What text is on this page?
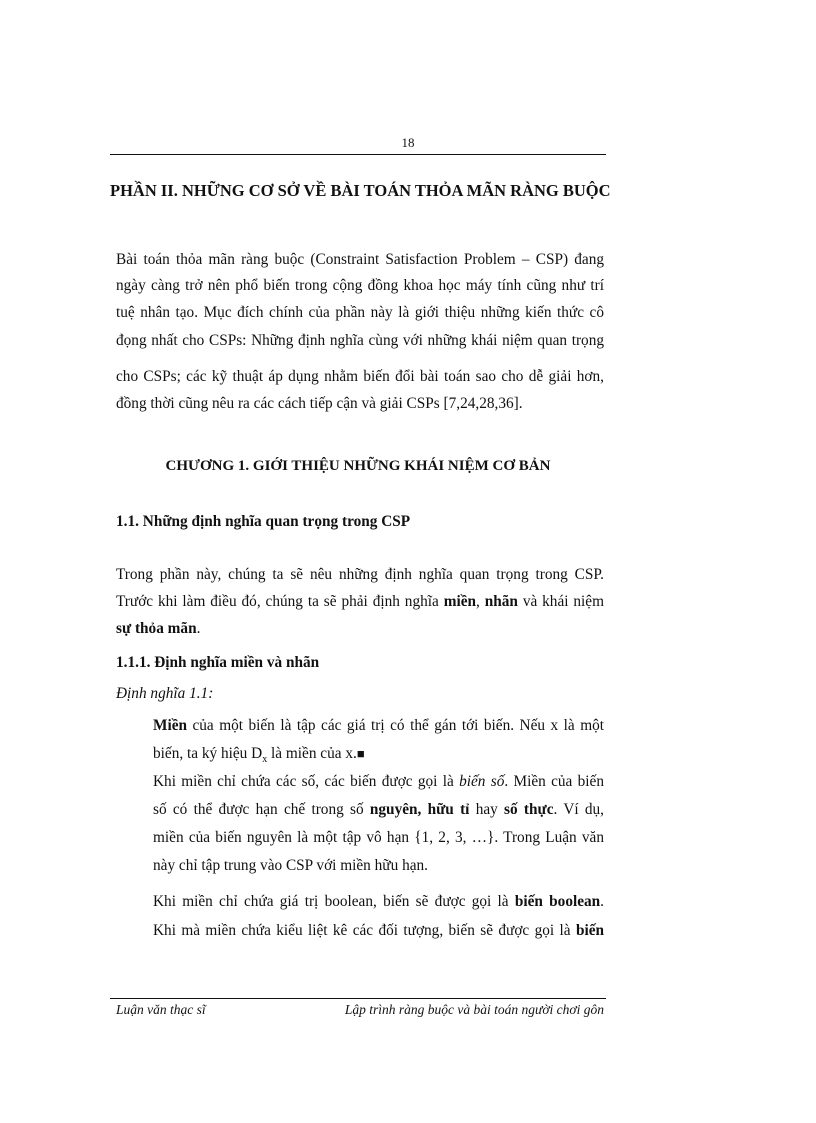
18
PHẦN II. NHỮNG CƠ SỞ VỀ BÀI TOÁN THỎA MÃN RÀNG BUỘC
Bài toán thỏa mãn ràng buộc (Constraint Satisfaction Problem – CSP) đang
ngày càng trở nên phổ biến trong cộng đồng khoa học máy tính cũng như trí
tuệ nhân tạo. Mục đích chính của phần này là giới thiệu những kiến thức cô
đọng nhất cho CSPs: Những định nghĩa cùng với những khái niệm quan trọng
cho CSPs; các kỹ thuật áp dụng nhằm biến đổi bài toán sao cho dễ giải hơn,
đồng thời cũng nêu ra các cách tiếp cận và giải CSPs [7,24,28,36].
CHƯƠNG 1. GIỚI THIỆU NHỮNG KHÁI NIỆM CƠ BẢN
1.1. Những định nghĩa quan trọng trong CSP
Trong phần này, chúng ta sẽ nêu những định nghĩa quan trọng trong CSP.
Trước khi làm điều đó, chúng ta sẽ phải định nghĩa miền, nhãn và khái niệm
sự thỏa mãn.
1.1.1. Định nghĩa miền và nhãn
Định nghĩa 1.1:
Miền của một biến là tập các giá trị có thể gán tới biến. Nếu x là một
biến, ta ký hiệu $D_x$ là miền của x.■
Khi miền chỉ chứa các số, các biến được gọi là biến số. Miền của biến
số có thể được hạn chế trong số nguyên, hữu tỉ hay số thực. Ví dụ,
miền của biến nguyên là một tập vô hạn {1, 2, 3, …}. Trong Luận văn
này chỉ tập trung vào CSP với miền hữu hạn.
Khi miền chỉ chứa giá trị boolean, biến sẽ được gọi là biến boolean.
Khi mà miền chứa kiểu liệt kê các đối tượng, biến sẽ được gọi là biến
Luận văn thạc sĩ	Lập trình ràng buộc và bài toán người chơi gôn
